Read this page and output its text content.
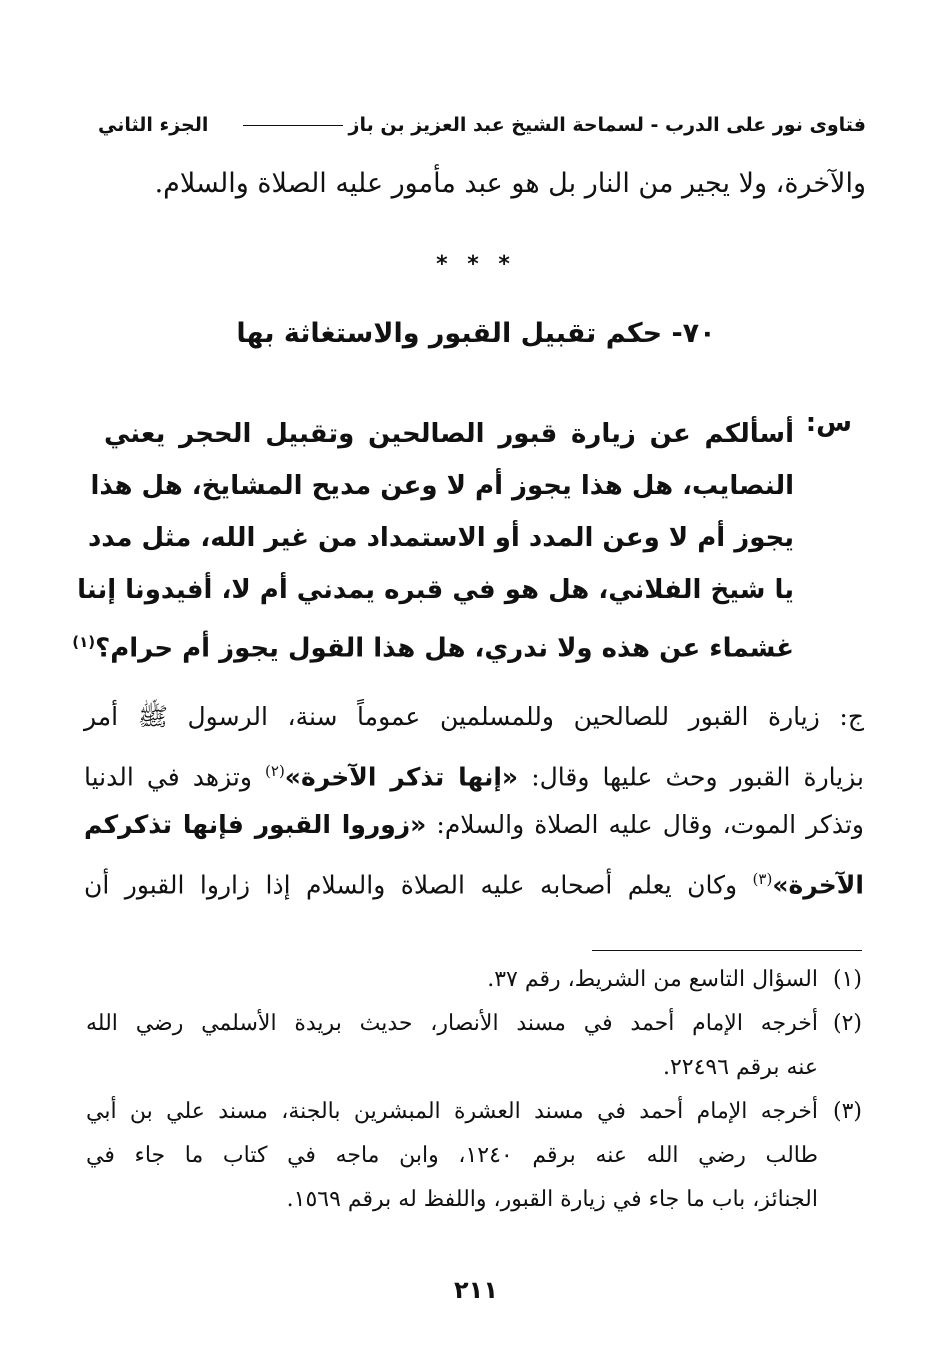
فتاوى نور على الدرب - لسماحة الشيخ عبد العزيز بن باز
الجزء الثاني
والآخرة، ولا يجير من النار بل هو عبد مأمور عليه الصلاة والسلام.
* * *
٧٠- حكم تقبيل القبور والاستغاثة بها
س:
أسألكم عن زيارة قبور الصالحين وتقبيل الحجر يعني
النصايب، هل هذا يجوز أم لا وعن مديح المشايخ، هل هذا
يجوز أم لا وعن المدد أو الاستمداد من غير الله، مثل مدد
يا شيخ الفلاني، هل هو في قبره يمدني أم لا، أفيدونا إننا
غشماء عن هذه ولا ندري، هل هذا القول يجوز أم حرام؟$^{(١)}$
ج: زيارة القبور للصالحين وللمسلمين عموماً سنة، الرسول ﷺ أمر
بزيارة القبور وحث عليها وقال: «إنها تذكر الآخرة»$^{(٢)}$ وتزهد في الدنيا
وتذكر الموت، وقال عليه الصلاة والسلام: «زوروا القبور فإنها تذكركم
الآخرة»$^{(٣)}$ وكان يعلم أصحابه عليه الصلاة والسلام إذا زاروا القبور أن
(١)
السؤال التاسع من الشريط، رقم ٣٧.
(٢)
أخرجه الإمام أحمد في مسند الأنصار، حديث بريدة الأسلمي رضي الله
عنه برقم ٢٢٤٩٦.
(٣)
أخرجه الإمام أحمد في مسند العشرة المبشرين بالجنة، مسند علي بن أبي
طالب رضي الله عنه برقم ١٢٤٠، وابن ماجه في كتاب ما جاء في
الجنائز، باب ما جاء في زيارة القبور، واللفظ له برقم ١٥٦٩.
٢١١
